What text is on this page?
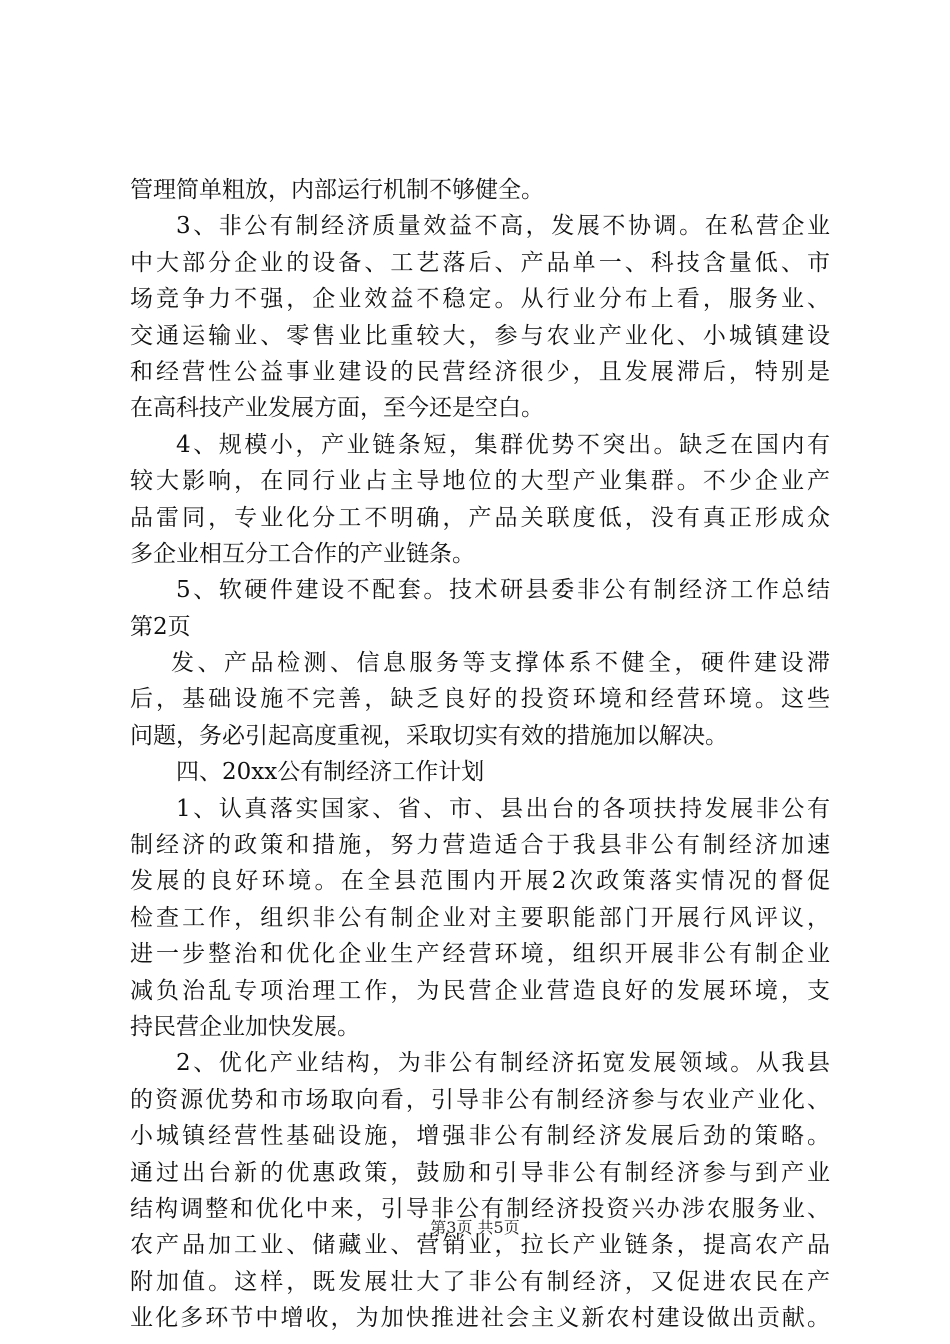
管理简单粗放，内部运行机制不够健全。
3、非公有制经济质量效益不高，发展不协调。在私营企业
中大部分企业的设备、工艺落后、产品单一、科技含量低、市
场竞争力不强，企业效益不稳定。从行业分布上看，服务业、
交通运输业、零售业比重较大，参与农业产业化、小城镇建设
和经营性公益事业建设的民营经济很少，且发展滞后，特别是
在高科技产业发展方面，至今还是空白。
4、规模小，产业链条短，集群优势不突出。缺乏在国内有
较大影响，在同行业占主导地位的大型产业集群。不少企业产
品雷同，专业化分工不明确，产品关联度低，没有真正形成众
多企业相互分工合作的产业链条。
5、软硬件建设不配套。技术研县委非公有制经济工作总结
第2页
发、产品检测、信息服务等支撑体系不健全，硬件建设滞
后，基础设施不完善，缺乏良好的投资环境和经营环境。这些
问题，务必引起高度重视，采取切实有效的措施加以解决。
四、20xx公有制经济工作计划
1、认真落实国家、省、市、县出台的各项扶持发展非公有
制经济的政策和措施，努力营造适合于我县非公有制经济加速
发展的良好环境。在全县范围内开展2次政策落实情况的督促
检查工作，组织非公有制企业对主要职能部门开展行风评议，
进一步整治和优化企业生产经营环境，组织开展非公有制企业
减负治乱专项治理工作，为民营企业营造良好的发展环境，支
持民营企业加快发展。
2、优化产业结构，为非公有制经济拓宽发展领域。从我县
的资源优势和市场取向看，引导非公有制经济参与农业产业化、
小城镇经营性基础设施，增强非公有制经济发展后劲的策略。
通过出台新的优惠政策，鼓励和引导非公有制经济参与到产业
结构调整和优化中来，引导非公有制经济投资兴办涉农服务业、
农产品加工业、储藏业、营销业，拉长产业链条，提高农产品
附加值。这样，既发展壮大了非公有制经济，又促进农民在产
业化多环节中增收，为加快推进社会主义新农村建设做出贡献。
第3页 共5页
